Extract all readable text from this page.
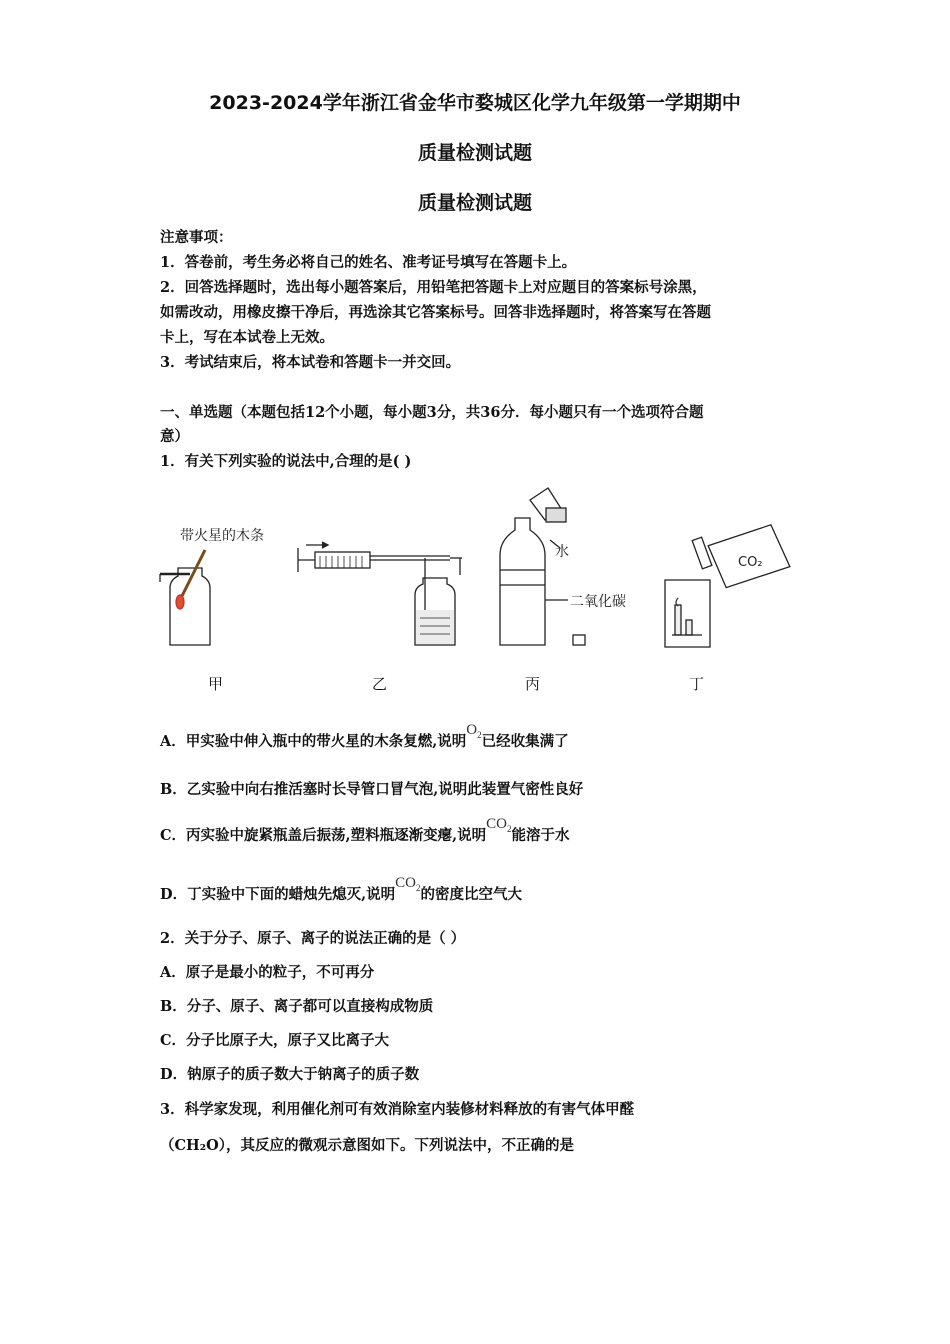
2023-2024学年浙江省金华市婺城区化学九年级第一学期期中
质量检测试题
质量检测试题
注意事项：
1．答卷前，考生务必将自己的姓名、准考证号填写在答题卡上。
2．回答选择题时，选出每小题答案后，用铅笔把答题卡上对应题目的答案标号涂黑，
如需改动，用橡皮擦干净后，再选涂其它答案标号。回答非选择题时，将答案写在答题
卡上，写在本试卷上无效。
3．考试结束后，将本试卷和答题卡一并交回。
一、单选题（本题包括12个小题，每小题3分，共36分．每小题只有一个选项符合题
意）
1．有关下列实验的说法中,合理的是( )
带火星的木条
水
二氧化碳
CO₂
甲	乙	丙	丁
A．甲实验中伸入瓶中的带火星的木条复燃,说明$O_2$已经收集满了
B．乙实验中向右推活塞时长导管口冒气泡,说明此装置气密性良好
C．丙实验中旋紧瓶盖后振荡,塑料瓶逐渐变瘪,说明$CO_2$能溶于水
D．丁实验中下面的蜡烛先熄灭,说明$CO_2$的密度比空气大
2．关于分子、原子、离子的说法正确的是（ ）
A．原子是最小的粒子，不可再分
B．分子、原子、离子都可以直接构成物质
C．分子比原子大，原子又比离子大
D．钠原子的质子数大于钠离子的质子数
3．科学家发现，利用催化剂可有效消除室内装修材料释放的有害气体甲醛
（CH₂O），其反应的微观示意图如下。下列说法中，不正确的是
